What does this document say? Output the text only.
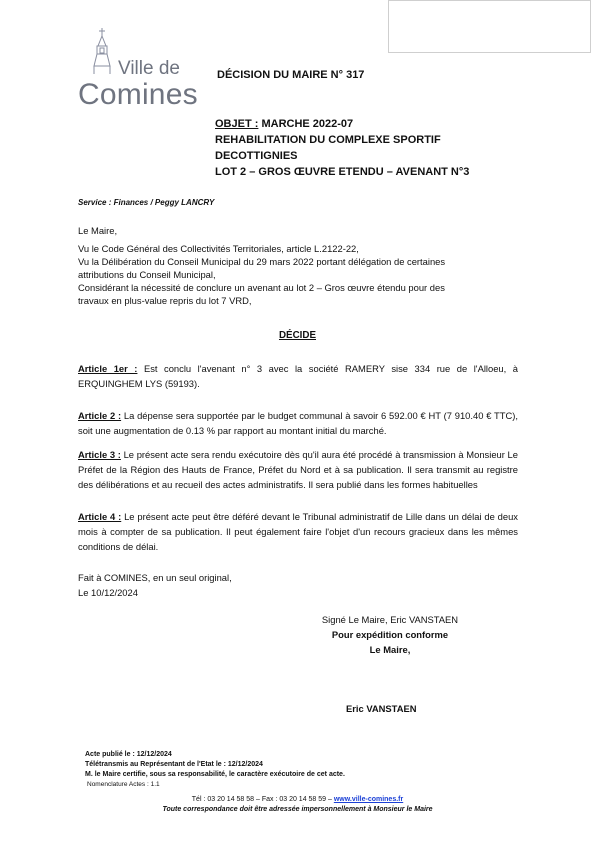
Ville de
Comines
DÉCISION DU MAIRE N° 317
OBJET : MARCHE 2022-07
REHABILITATION DU COMPLEXE SPORTIF
DECOTTIGNIES
LOT 2 – GROS ŒUVRE ETENDU – AVENANT N°3
Service : Finances / Peggy LANCRY
Le Maire,
Vu le Code Général des Collectivités Territoriales, article L.2122-22,
Vu la Délibération du Conseil Municipal du 29 mars 2022 portant délégation de certaines
attributions du Conseil Municipal,
Considérant la nécessité de conclure un avenant au lot 2 – Gros œuvre étendu pour des
travaux en plus-value repris du lot 7 VRD,
DÉCIDE
Article 1er : Est conclu l'avenant n° 3 avec la société RAMERY sise 334 rue de l'Alloeu, à ERQUINGHEM LYS (59193).
Article 2 : La dépense sera supportée par le budget communal à savoir 6 592.00 € HT (7 910.40 € TTC), soit une augmentation de 0.13 % par rapport au montant initial du marché.
Article 3 : Le présent acte sera rendu exécutoire dès qu'il aura été procédé à transmission à Monsieur Le Préfet de la Région des Hauts de France, Préfet du Nord et à sa publication. Il sera transmit au registre des délibérations et au recueil des actes administratifs. Il sera publié dans les formes habituelles
Article 4 : Le présent acte peut être déféré devant le Tribunal administratif de Lille dans un délai de deux mois à compter de sa publication. Il peut également faire l'objet d'un recours gracieux dans les mêmes conditions de délai.
Fait à COMINES, en un seul original,
Le 10/12/2024
Signé Le Maire, Eric VANSTAEN
Pour expédition conforme
Le Maire,
Eric VANSTAEN
Acte publié le : 12/12/2024
Télétransmis au Représentant de l'Etat le : 12/12/2024
M. le Maire certifie, sous sa responsabilité, le caractère exécutoire de cet acte.
Nomenclature Actes : 1.1
Tél : 03 20 14 58 58 – Fax : 03 20 14 58 59 – www.ville-comines.fr
Toute correspondance doit être adressée impersonnellement à Monsieur le Maire
